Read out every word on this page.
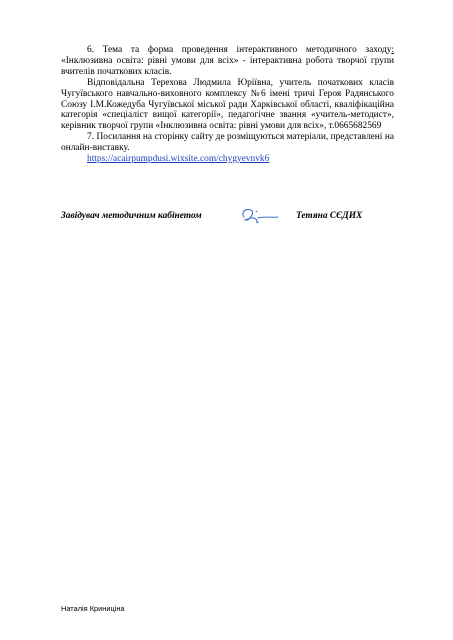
6. Тема та форма проведення інтерактивного методичного заходу: «Інклюзивна освіта: рівні умови для всіх» - інтерактивна робота творчої групи вчителів початкових класів.

Відповідальна Терехова Людмила Юріївна, учитель початкових класів Чугуївського навчально-виховного комплексу №6 імені тричі Героя Радянського Союзу І.М.Кожедуба Чугуївської міської ради Харківської області, кваліфікаційна категорія «спеціаліст вищої категорії», педагогічне звання «учитель-методист», керівник творчої групи «Інклюзивна освіта: рівні умови для всіх», т.0665682569

7. Посилання на сторінку сайту де розміщуються матеріали, представлені на онлайн-виставку.

https://acairpumpdusi.wixsite.com/chygyevnvk6

Завідувач методичним кабінетом	Тетяна СЄДИХ
Наталія Криниціна
